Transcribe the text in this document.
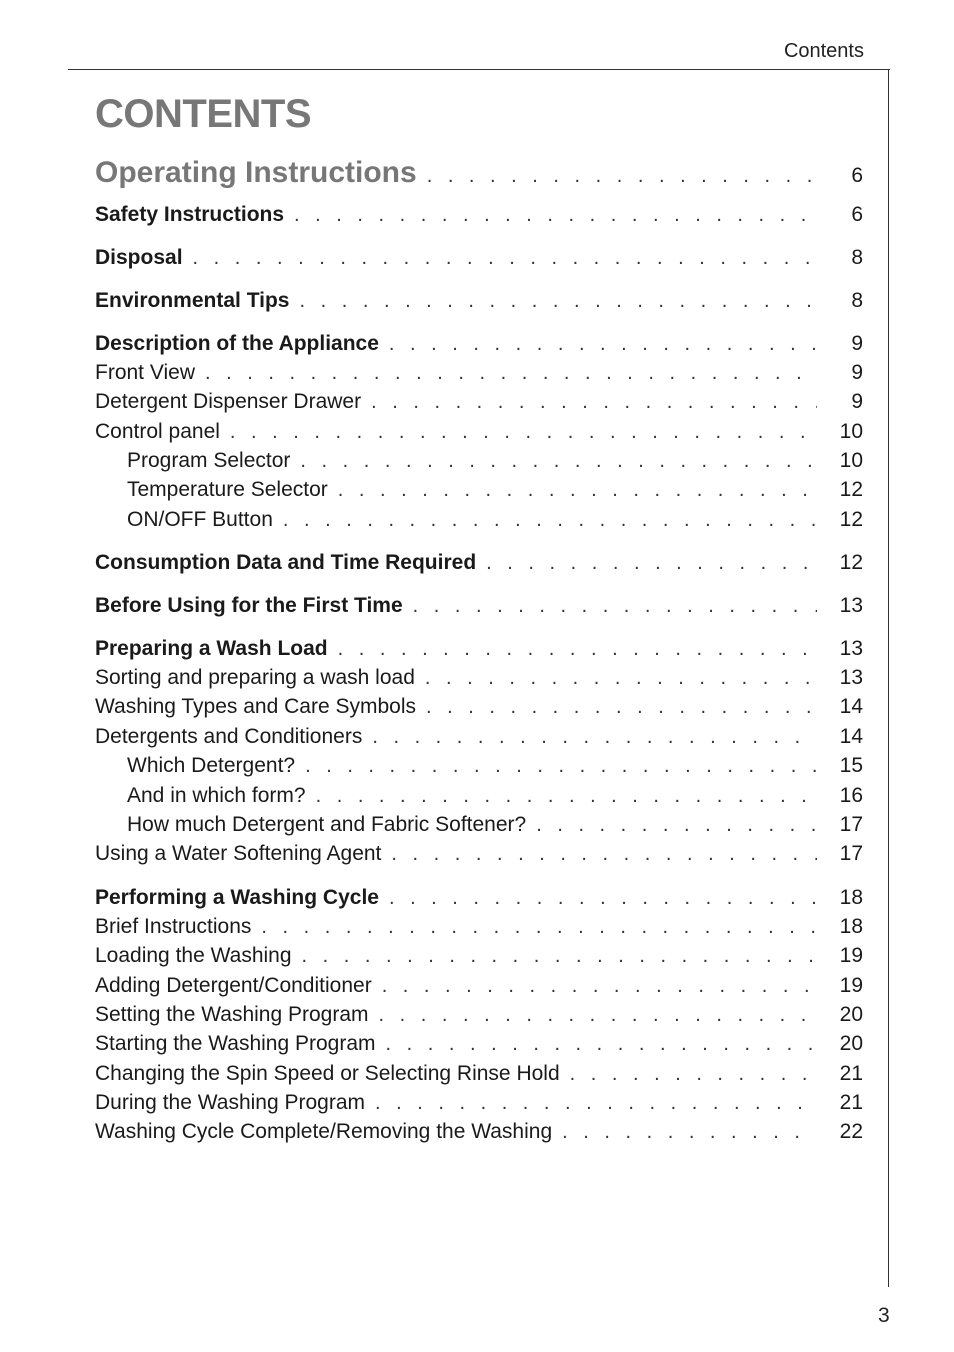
Contents
CONTENTS
Operating Instructions . . .	6
Safety Instructions . . .	6
Disposal . . .	8
Environmental Tips . . .	8
Description of the Appliance . . .	9
Front View . . .	9
Detergent Dispenser Drawer . . .	9
Control panel . . .	10
Program Selector . . .	10
Temperature Selector . . .	12
ON/OFF Button . . .	12
Consumption Data and Time Required . . .	12
Before Using for the First Time . . .	13
Preparing a Wash Load . . .	13
Sorting and preparing a wash load . . .	13
Washing Types and Care Symbols . . .	14
Detergents and Conditioners . . .	14
Which Detergent? . . .	15
And in which form? . . .	16
How much Detergent and Fabric Softener? . . .	17
Using a Water Softening Agent . . .	17
Performing a Washing Cycle . . .	18
Brief Instructions . . .	18
Loading the Washing . . .	19
Adding Detergent/Conditioner . . .	19
Setting the Washing Program . . .	20
Starting the Washing Program . . .	20
Changing the Spin Speed or Selecting Rinse Hold . . .	21
During the Washing Program . . .	21
Washing Cycle Complete/Removing the Washing . . .	22
3
